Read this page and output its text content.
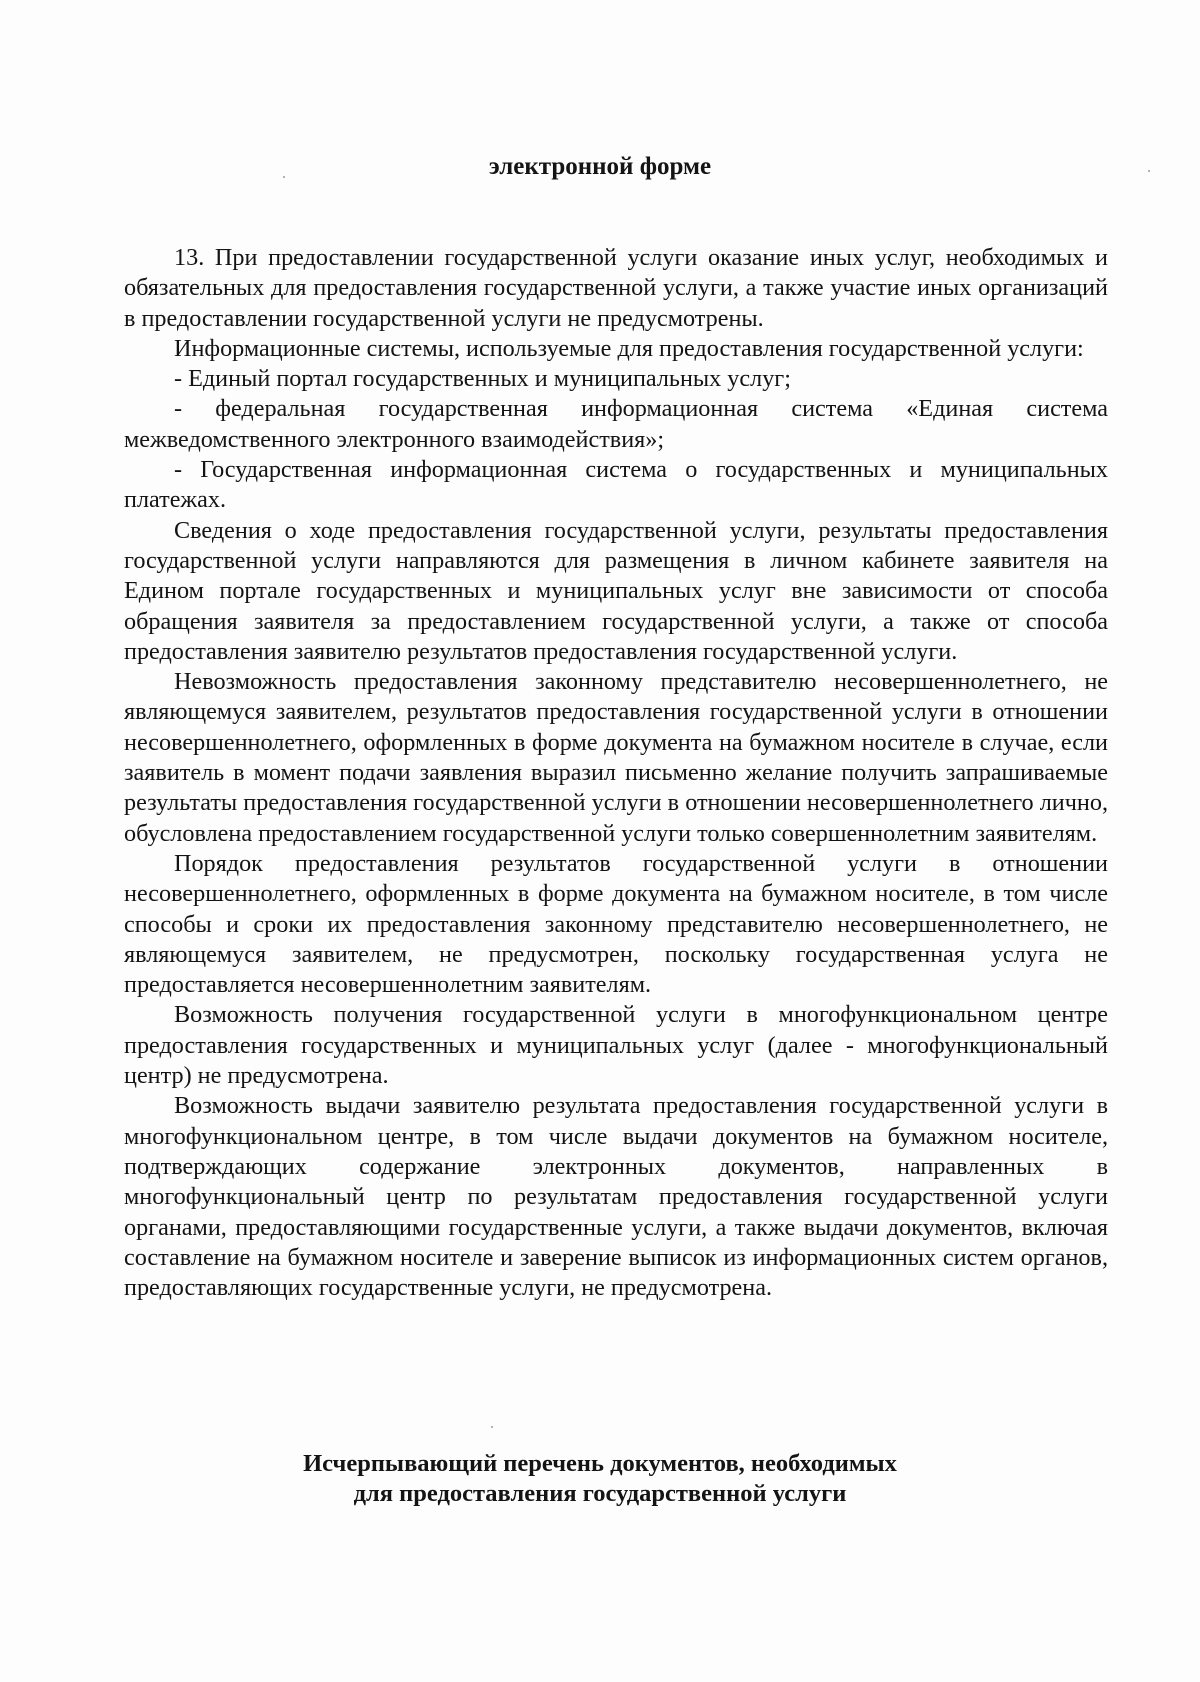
электронной форме

13. При предоставлении государственной услуги оказание иных услуг, необходимых и обязательных для предоставления государственной услуги, а также участие иных организаций в предоставлении государственной услуги не предусмотрены.

Информационные системы, используемые для предоставления государственной услуги:

- Единый портал государственных и муниципальных услуг;

- федеральная государственная информационная система «Единая система межведомственного электронного взаимодействия»;

- Государственная информационная система о государственных и муниципальных платежах.

Сведения о ходе предоставления государственной услуги, результаты предоставления государственной услуги направляются для размещения в личном кабинете заявителя на Едином портале государственных и муниципальных услуг вне зависимости от способа обращения заявителя за предоставлением государственной услуги, а также от способа предоставления заявителю результатов предоставления государственной услуги.

Невозможность предоставления законному представителю несовершеннолетнего, не являющемуся заявителем, результатов предоставления государственной услуги в отношении несовершеннолетнего, оформленных в форме документа на бумажном носителе в случае, если заявитель в момент подачи заявления выразил письменно желание получить запрашиваемые результаты предоставления государственной услуги в отношении несовершеннолетнего лично, обусловлена предоставлением государственной услуги только совершеннолетним заявителям.

Порядок предоставления результатов государственной услуги в отношении несовершеннолетнего, оформленных в форме документа на бумажном носителе, в том числе способы и сроки их предоставления законному представителю несовершеннолетнего, не являющемуся заявителем, не предусмотрен, поскольку государственная услуга не предоставляется несовершеннолетним заявителям.

Возможность получения государственной услуги в многофункциональном центре предоставления государственных и муниципальных услуг (далее - многофункциональный центр) не предусмотрена.

Возможность выдачи заявителю результата предоставления государственной услуги в многофункциональном центре, в том числе выдачи документов на бумажном носителе, подтверждающих содержание электронных документов, направленных в многофункциональный центр по результатам предоставления государственной услуги органами, предоставляющими государственные услуги, а также выдачи документов, включая составление на бумажном носителе и заверение выписок из информационных систем органов, предоставляющих государственные услуги, не предусмотрена.

Исчерпывающий перечень документов, необходимых
для предоставления государственной услуги
